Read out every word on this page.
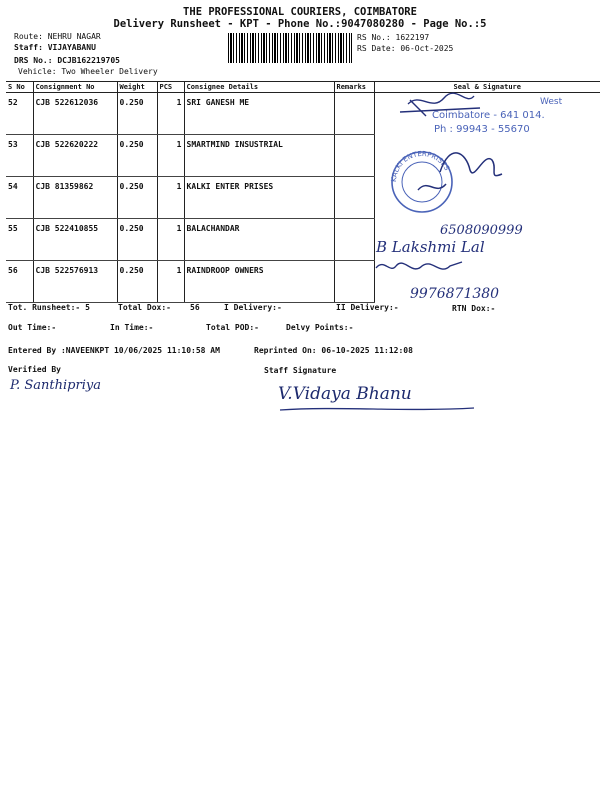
THE PROFESSIONAL COURIERS, COIMBATORE
Delivery Runsheet - KPT - Phone No.:9047080280 - Page No.:5
Route: NEHRU NAGAR
Staff: VIJAYABANU
DRS No.: DCJB162219705
Vehicle: Two Wheeler Delivery
RS No.: 1622197
RS Date: 06-Oct-2025
S No	Consignment No	Weight	PCS	Consignee Details	Remarks	Seal & Signature
52	CJB 522612036	0.250	1	SRI GANESH ME		
53	CJB 522620222	0.250	1	SMARTMIND INSUSTRIAL		
54	CJB 81359862	0.250	1	KALKI ENTER PRISES		
55	CJB 522410855	0.250	1	BALACHANDAR		
56	CJB 522576913	0.250	1	RAINDROOP OWNERS		
West
Coimbatore - 641 014.
Ph : 99943 - 55670
KALKI ENTERPRISES
6508090999
B Lakshmi Lal
9976871380
Tot. Runsheet:- 5	Total Dox:- 56	I Delivery:-	II Delivery:-	RTN Dox:-
Out Time:-	In Time:-	Total POD:-	Delvy Points:-
Entered By :NAVEENKPT 10/06/2025 11:10:58 AM	Reprinted On: 06-10-2025 11:12:08
Verified By	Staff Signature
P. Santhipriya	V.Vidaya Bhanu
